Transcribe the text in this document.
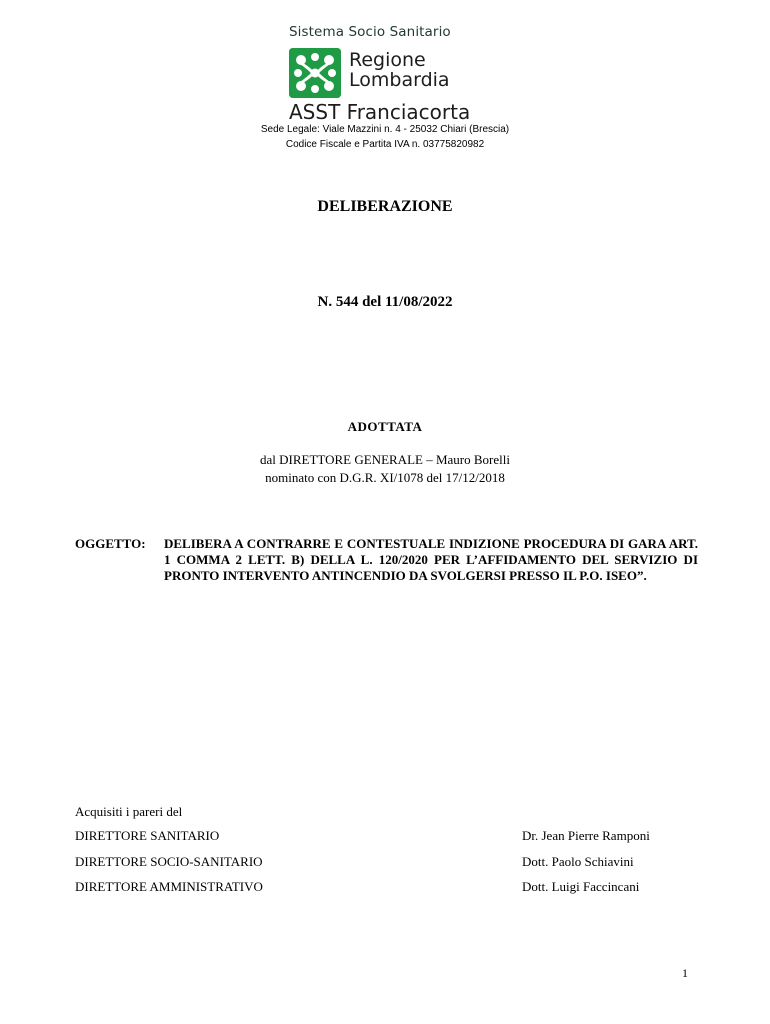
Sistema Socio Sanitario
Regione
Lombardia
ASST Franciacorta
Sede Legale: Viale Mazzini n. 4 - 25032 Chiari (Brescia)
Codice Fiscale e Partita IVA n. 03775820982
DELIBERAZIONE
N. 544 del 11/08/2022
ADOTTATA
dal DIRETTORE GENERALE – Mauro Borelli
nominato con D.G.R. XI/1078 del 17/12/2018
OGGETTO: DELIBERA A CONTRARRE E CONTESTUALE INDIZIONE PROCEDURA DI GARA ART. 1 COMMA 2 LETT. B) DELLA L. 120/2020 PER L’AFFIDAMENTO DEL SERVIZIO DI PRONTO INTERVENTO ANTINCENDIO DA SVOLGERSI PRESSO IL P.O. ISEO”.
Acquisiti i pareri del
DIRETTORE SANITARIO	Dr. Jean Pierre Ramponi
DIRETTORE SOCIO-SANITARIO	Dott. Paolo Schiavini
DIRETTORE AMMINISTRATIVO	Dott. Luigi Faccincani
1
